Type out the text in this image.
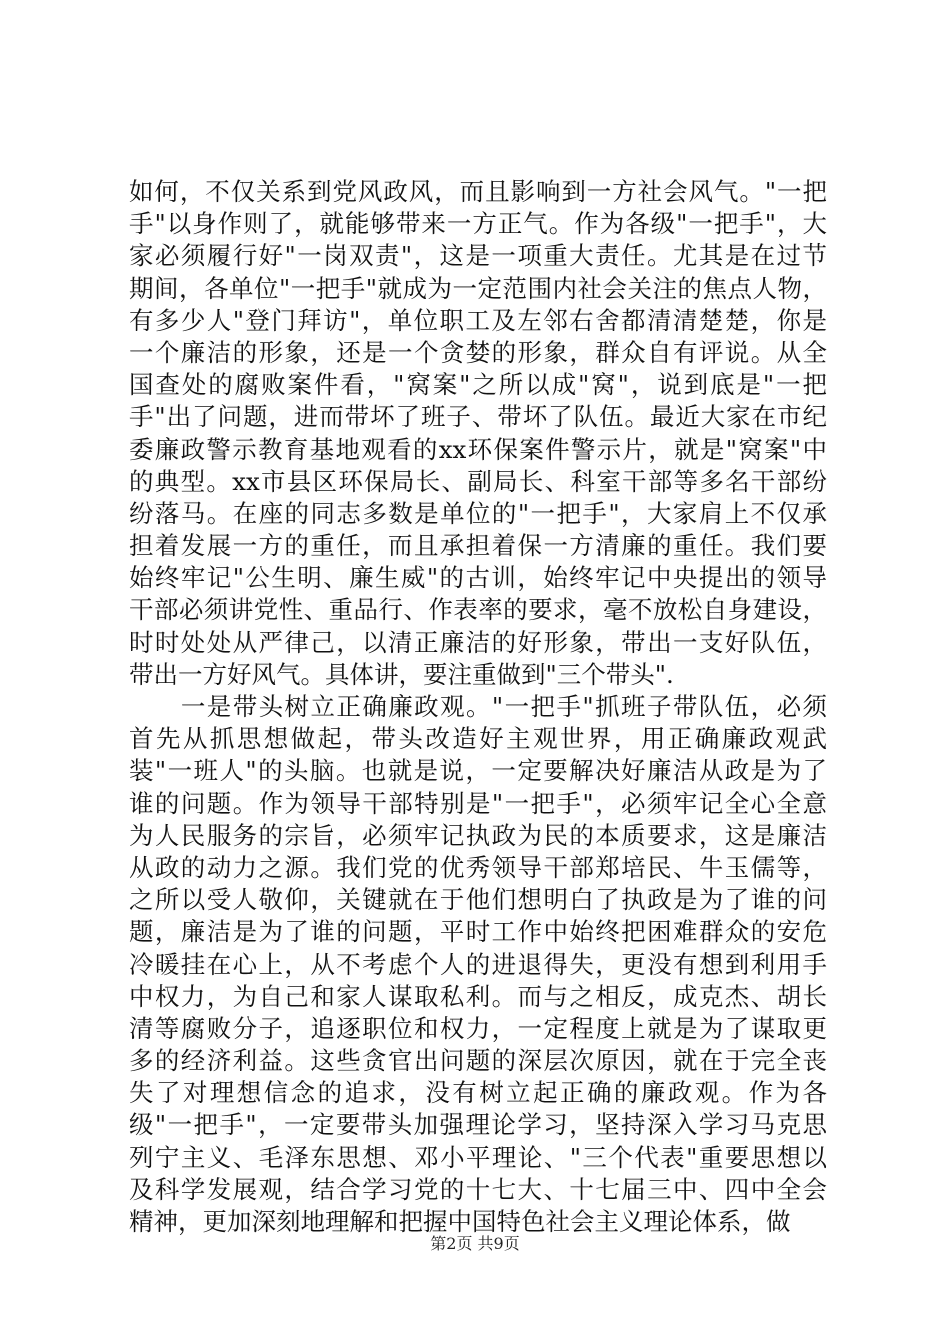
如何，不仅关系到党风政风，而且影响到一方社会风气。"一把
手"以身作则了，就能够带来一方正气。作为各级"一把手"，大
家必须履行好"一岗双责"，这是一项重大责任。尤其是在过节
期间，各单位"一把手"就成为一定范围内社会关注的焦点人物，
有多少人"登门拜访"，单位职工及左邻右舍都清清楚楚，你是
一个廉洁的形象，还是一个贪婪的形象，群众自有评说。从全
国查处的腐败案件看，"窝案"之所以成"窝"，说到底是"一把
手"出了问题，进而带坏了班子、带坏了队伍。最近大家在市纪
委廉政警示教育基地观看的xx环保案件警示片，就是"窝案"中
的典型。xx市县区环保局长、副局长、科室干部等多名干部纷
纷落马。在座的同志多数是单位的"一把手"，大家肩上不仅承
担着发展一方的重任，而且承担着保一方清廉的重任。我们要
始终牢记"公生明、廉生威"的古训，始终牢记中央提出的领导
干部必须讲党性、重品行、作表率的要求，毫不放松自身建设，
时时处处从严律己，以清正廉洁的好形象，带出一支好队伍，
带出一方好风气。具体讲，要注重做到"三个带头".
　　一是带头树立正确廉政观。"一把手"抓班子带队伍，必须
首先从抓思想做起，带头改造好主观世界，用正确廉政观武
装"一班人"的头脑。也就是说，一定要解决好廉洁从政是为了
谁的问题。作为领导干部特别是"一把手"，必须牢记全心全意
为人民服务的宗旨，必须牢记执政为民的本质要求，这是廉洁
从政的动力之源。我们党的优秀领导干部郑培民、牛玉儒等，
之所以受人敬仰，关键就在于他们想明白了执政是为了谁的问
题，廉洁是为了谁的问题，平时工作中始终把困难群众的安危
冷暖挂在心上，从不考虑个人的进退得失，更没有想到利用手
中权力，为自己和家人谋取私利。而与之相反，成克杰、胡长
清等腐败分子，追逐职位和权力，一定程度上就是为了谋取更
多的经济利益。这些贪官出问题的深层次原因，就在于完全丧
失了对理想信念的追求，没有树立起正确的廉政观。作为各
级"一把手"，一定要带头加强理论学习，坚持深入学习马克思
列宁主义、毛泽东思想、邓小平理论、"三个代表"重要思想以
及科学发展观，结合学习党的十七大、十七届三中、四中全会
精神，更加深刻地理解和把握中国特色社会主义理论体系，做
第2页 共9页
